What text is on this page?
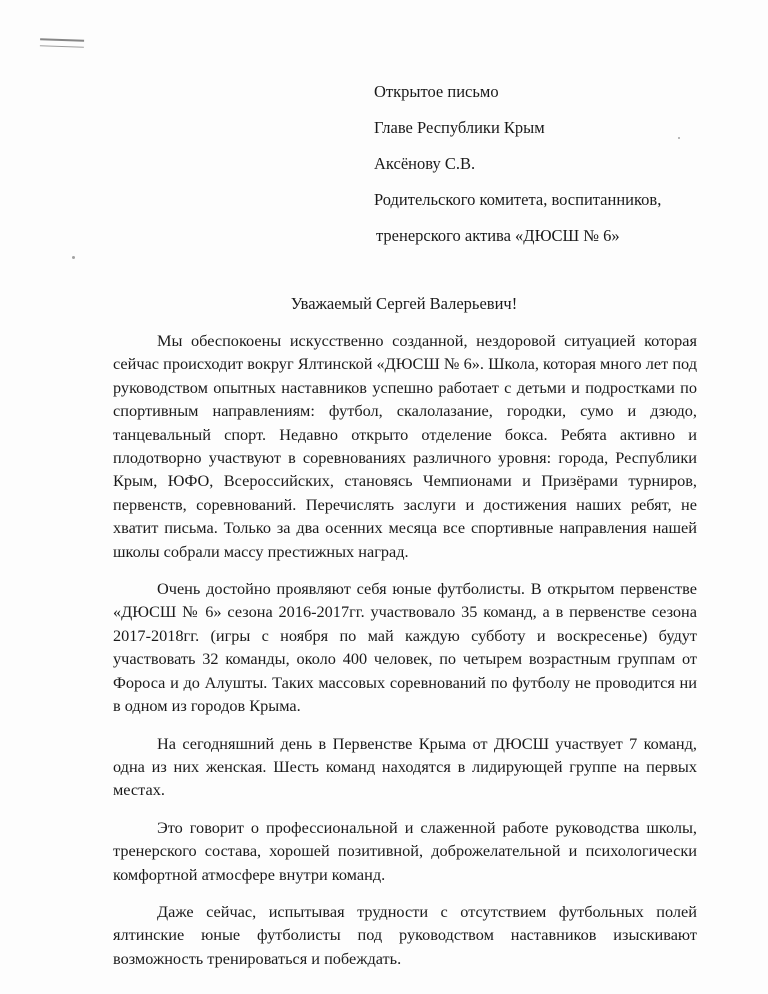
Открытое письмо
Главе Республики Крым
Аксёнову С.В.
Родительского комитета, воспитанников,
тренерского актива «ДЮСШ № 6»
Уважаемый Сергей Валерьевич!

Мы обеспокоены искусственно созданной, нездоровой ситуацией которая сейчас происходит вокруг Ялтинской «ДЮСШ № 6». Школа, которая много лет под руководством опытных наставников успешно работает с детьми и подростками по спортивным направлениям: футбол, скалолазание, городки, сумо и дзюдо, танцевальный спорт. Недавно открыто отделение бокса. Ребята активно и плодотворно участвуют в соревнованиях различного уровня: города, Республики Крым, ЮФО, Всероссийских, становясь Чемпионами и Призёрами турниров, первенств, соревнований. Перечислять заслуги и достижения наших ребят, не хватит письма. Только за два осенних месяца все спортивные направления нашей школы собрали массу престижных наград.

Очень достойно проявляют себя юные футболисты. В открытом первенстве «ДЮСШ № 6» сезона 2016-2017гг. участвовало 35 команд, а в первенстве сезона 2017-2018гг. (игры с ноября по май каждую субботу и воскресенье) будут участвовать 32 команды, около 400 человек, по четырем возрастным группам от Фороса и до Алушты. Таких массовых соревнований по футболу не проводится ни в одном из городов Крыма.

На сегодняшний день в Первенстве Крыма от ДЮСШ участвует 7 команд, одна из них женская. Шесть команд находятся в лидирующей группе на первых местах.

Это говорит о профессиональной и слаженной работе руководства школы, тренерского состава, хорошей позитивной, доброжелательной и психологически комфортной атмосфере внутри команд.

Даже сейчас, испытывая трудности с отсутствием футбольных полей ялтинские юные футболисты под руководством наставников изыскивают возможность тренироваться и побеждать.
